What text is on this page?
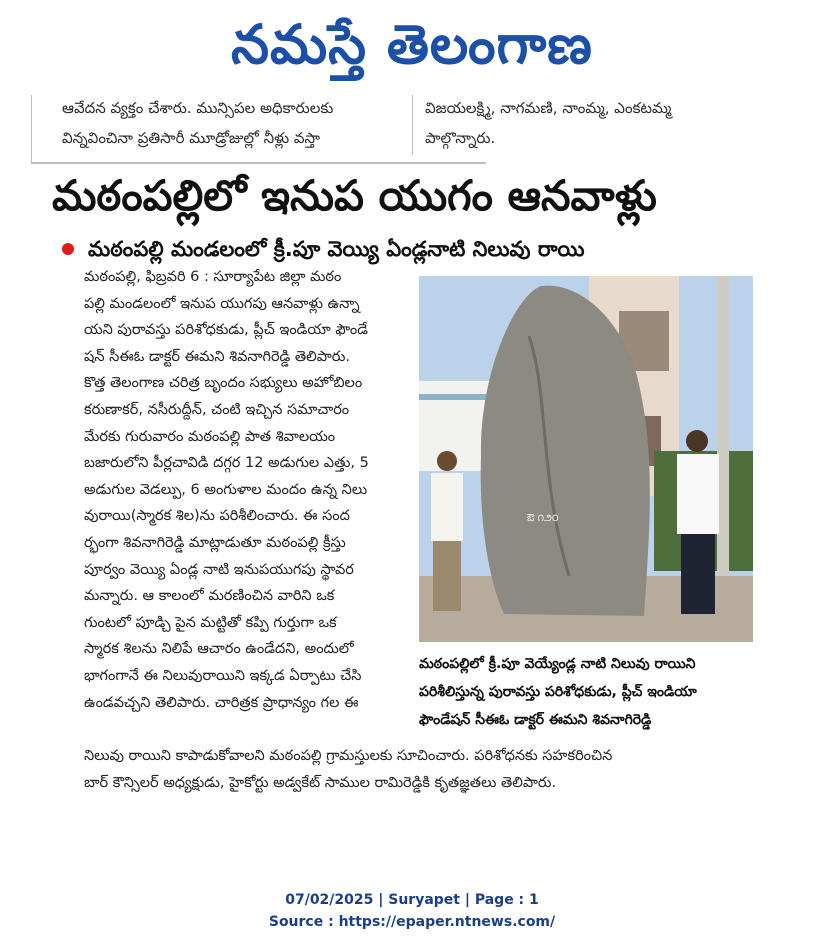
నమస్తే తెలంగాణ
ఆవేదన వ్యక్తం చేశారు. మున్సిపల అధికారులకు
విన్నవించినా ప్రతిసారీ మూడ్రోజుల్లో నీళ్లు వస్తా
విజయలక్ష్మి, నాగమణి, నాంమ్మ, ఎంకటమ్మ
పాల్గొన్నారు.
మఠంపల్లిలో ఇనుప యుగం ఆనవాళ్లు
మఠంపల్లి మండలంలో క్రీ.పూ వెయ్యి ఏండ్లనాటి నిలువు రాయి

మఠంపల్లి, ఫిబ్రవరి 6 : సూర్యాపేట జిల్లా మఠం

పల్లి మండలంలో ఇనుప యుగపు ఆనవాళ్లు ఉన్నా

యని పురావస్తు పరిశోధకుడు, ప్లీచ్ ఇండియా ఫౌండే

షన్ సీఈఓ డాక్టర్ ఈమని శివనాగిరెడ్డి తెలిపారు.

కొత్త తెలంగాణ చరిత్ర బృందం సభ్యులు అహోబిలం

కరుణాకర్, నసీరుద్దీన్, చంటి ఇచ్చిన సమాచారం

మేరకు గురువారం మఠంపల్లి పాత శివాలయం

బజారులోని పీర్లచావిడి దగ్గర 12 అడుగుల ఎత్తు, 5

అడుగుల వెడల్పు, 6 అంగుళాల మందం ఉన్న నిలు

వురాయి(స్మారక శిల)ను పరిశీలించారు. ఈ సంద

ర్భంగా శివనాగిరెడ్డి మాట్లాడుతూ మఠంపల్లి క్రీస్తు

పూర్వం వెయ్యి ఏండ్ల నాటి ఇనుపయుగపు స్థావర

మన్నారు. ఆ కాలంలో మరణించిన వారిని ఒక

గుంటలో పూడ్చి పైన మట్టితో కప్పి గుర్తుగా ఒక

స్మారక శిలను నిలిపే ఆచారం ఉండేదని, అందులో

భాగంగానే ఈ నిలువురాయిని ఇక్కడ ఏర్పాటు చేసి

ఉండవచ్చని తెలిపారు. చారిత్రక ప్రాధాన్యం గల ఈ

ఔ ౧౨౦

మఠంపల్లిలో క్రీ.పూ వెయ్యేండ్ల నాటి నిలువు రాయిని

పరిశీలిస్తున్న పురావస్తు పరిశోధకుడు, ప్లీచ్ ఇండియా

ఫౌండేషన్ సీఈఓ డాక్టర్ ఈమని శివనాగిరెడ్డి

నిలువు రాయిని కాపాడుకోవాలని మఠంపల్లి గ్రామస్తులకు సూచించారు. పరిశోధనకు సహకరించిన

బార్ కౌన్సిలర్ అధ్యక్షుడు, హైకోర్టు అడ్వకేట్ సాముల రామిరెడ్డికి కృతజ్ఞతలు తెలిపారు.

07/02/2025 | Suryapet | Page : 1
Source : https://epaper.ntnews.com/
